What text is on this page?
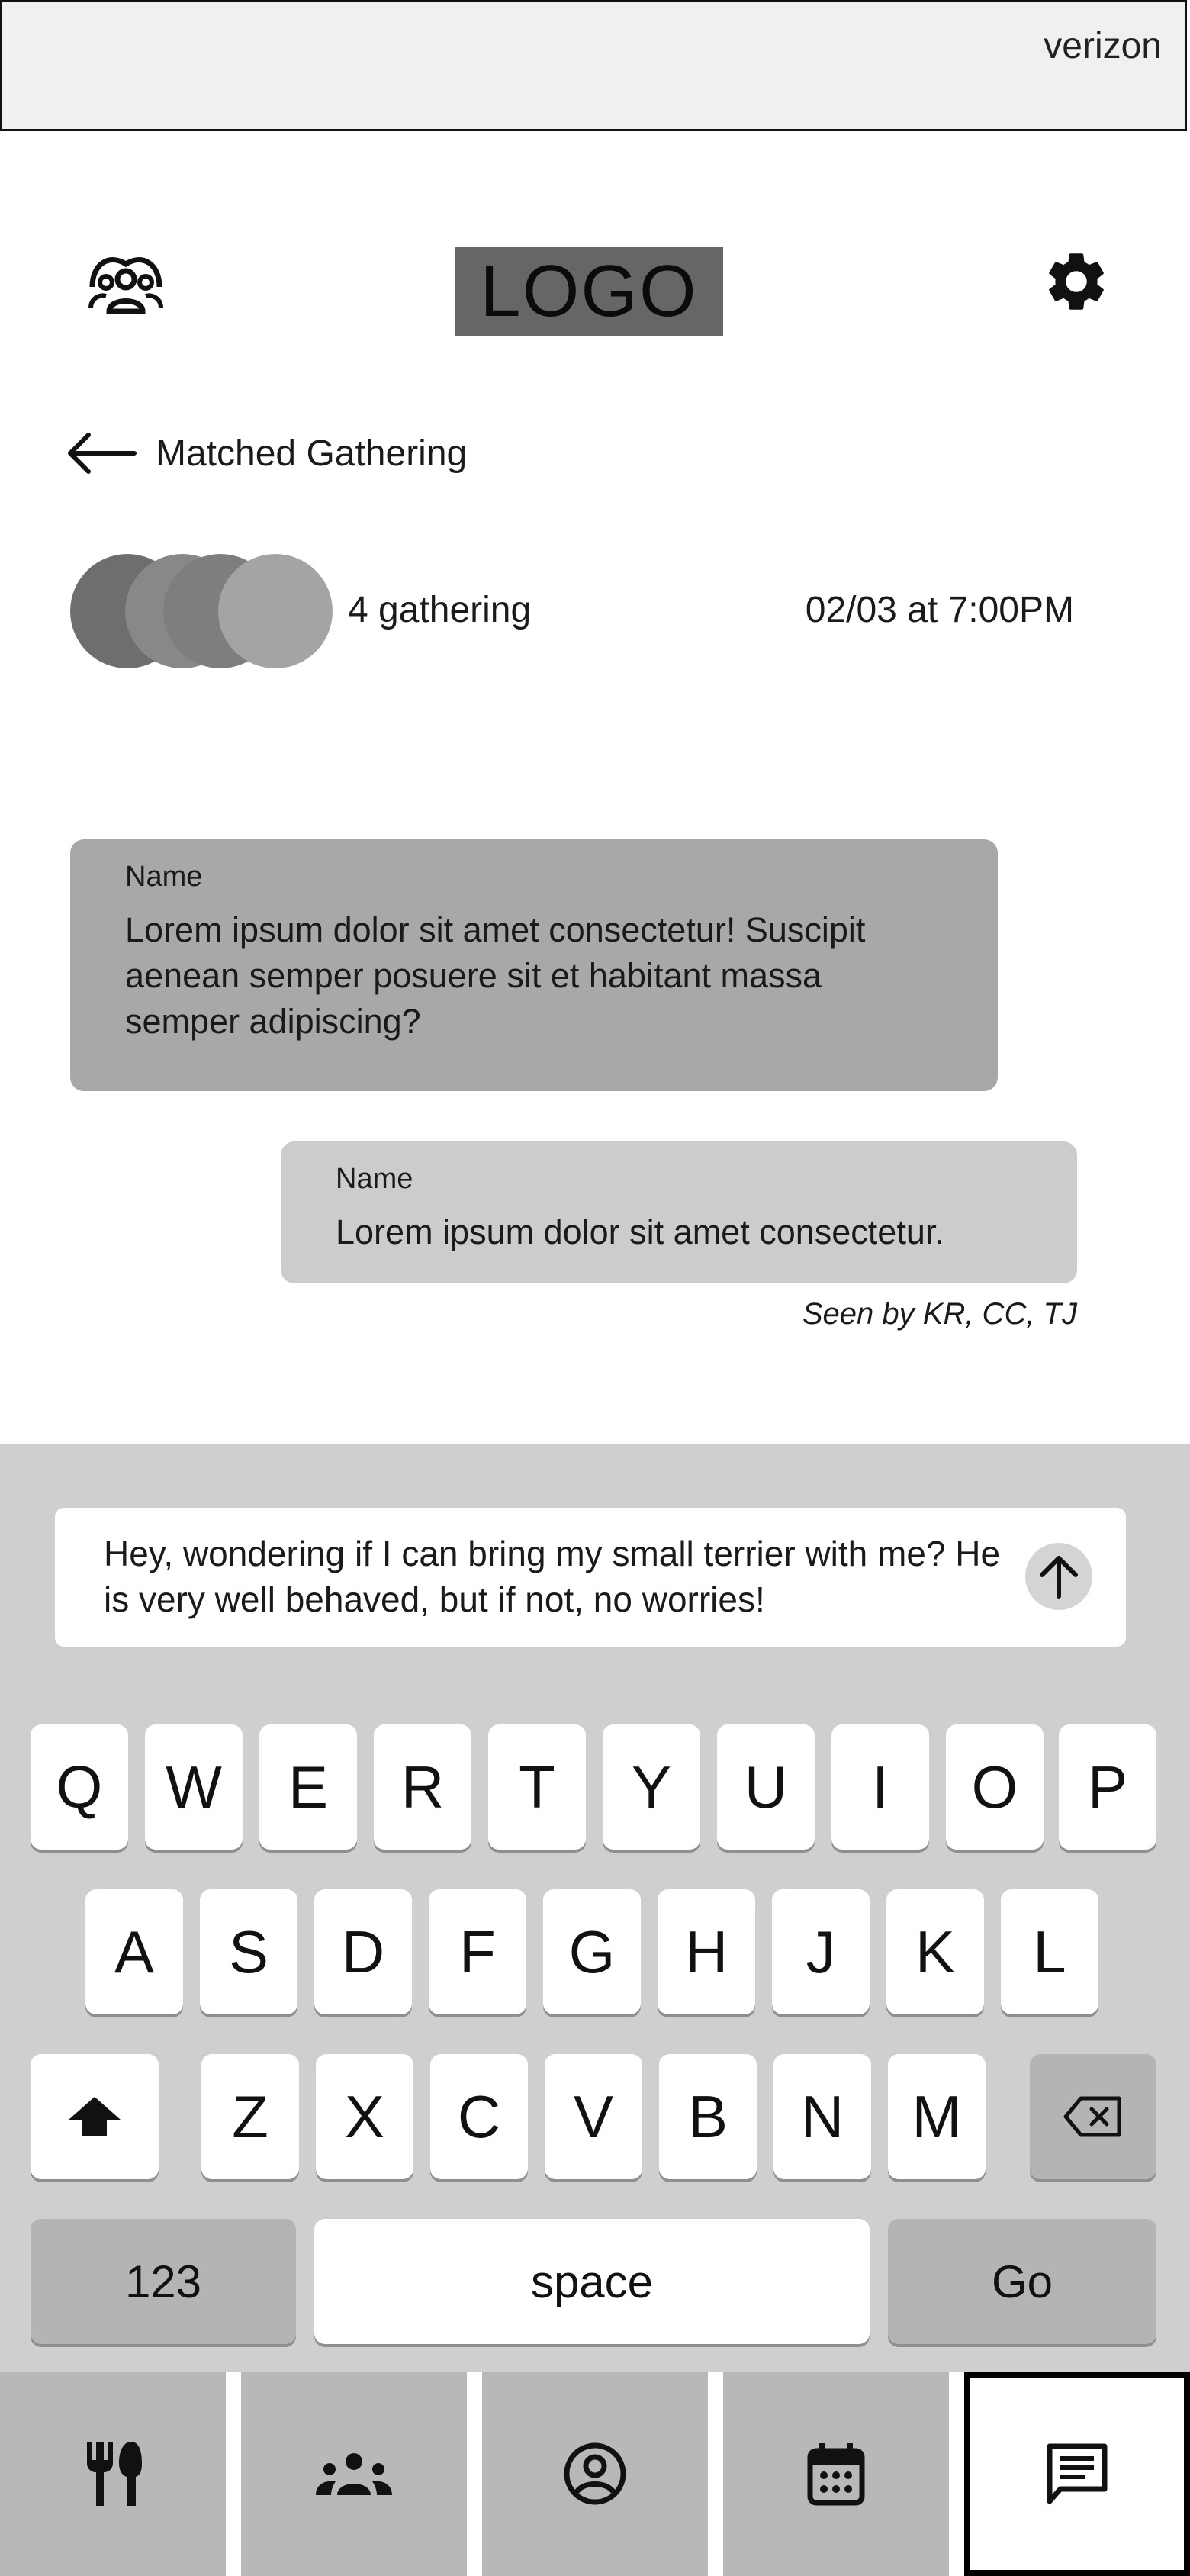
verizon
LOGO
Matched Gathering
4 gathering	02/03 at 7:00PM
Name
Lorem ipsum dolor sit amet consectetur! Suscipit aenean semper posuere sit et habitant massa semper adipiscing?
Name
Lorem ipsum dolor sit amet consectetur.
Seen by KR, CC, TJ
Hey, wondering if I can bring my small terrier with me? He is very well behaved, but if not, no worries!
Q	W	E	R	T	Y	U	I	O	P
A	S	D	F	G	H	J	K	L
Z	X	C	V	B	N	M
123	space	Go
